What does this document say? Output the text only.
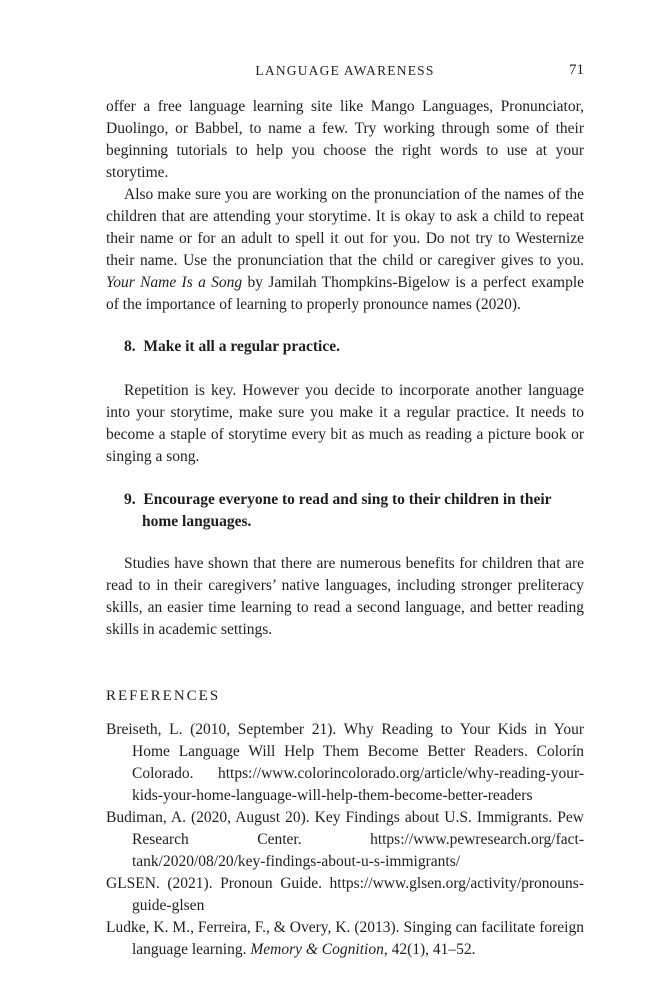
LANGUAGE AWARENESS	71

offer a free language learning site like Mango Languages, Pronunciator, Duolingo, or Babbel, to name a few. Try working through some of their beginning tutorials to help you choose the right words to use at your storytime.

Also make sure you are working on the pronunciation of the names of the children that are attending your storytime. It is okay to ask a child to repeat their name or for an adult to spell it out for you. Do not try to Westernize their name. Use the pronunciation that the child or caregiver gives to you. Your Name Is a Song by Jamilah Thompkins-Bigelow is a perfect example of the importance of learning to properly pronounce names (2020).

8. Make it all a regular practice.

Repetition is key. However you decide to incorporate another language into your storytime, make sure you make it a regular practice. It needs to become a staple of storytime every bit as much as reading a picture book or singing a song.

9. Encourage everyone to read and sing to their children in their home languages.

Studies have shown that there are numerous benefits for children that are read to in their caregivers’ native languages, including stronger preliteracy skills, an easier time learning to read a second language, and better reading skills in academic settings.

REFERENCES

Breiseth, L. (2010, September 21). Why Reading to Your Kids in Your Home Language Will Help Them Become Better Readers. Colorín Colorado. https://www.colorincolorado.org/article/why-reading-your-kids-your-home-language-will-help-them-become-better-readers

Budiman, A. (2020, August 20). Key Findings about U.S. Immigrants. Pew Research Center. https://www.pewresearch.org/fact-tank/2020/08/20/key-findings-about-u-s-immigrants/

GLSEN. (2021). Pronoun Guide. https://www.glsen.org/activity/pronouns-guide-glsen

Ludke, K. M., Ferreira, F., & Overy, K. (2013). Singing can facilitate foreign language learning. Memory & Cognition, 42(1), 41–52.
